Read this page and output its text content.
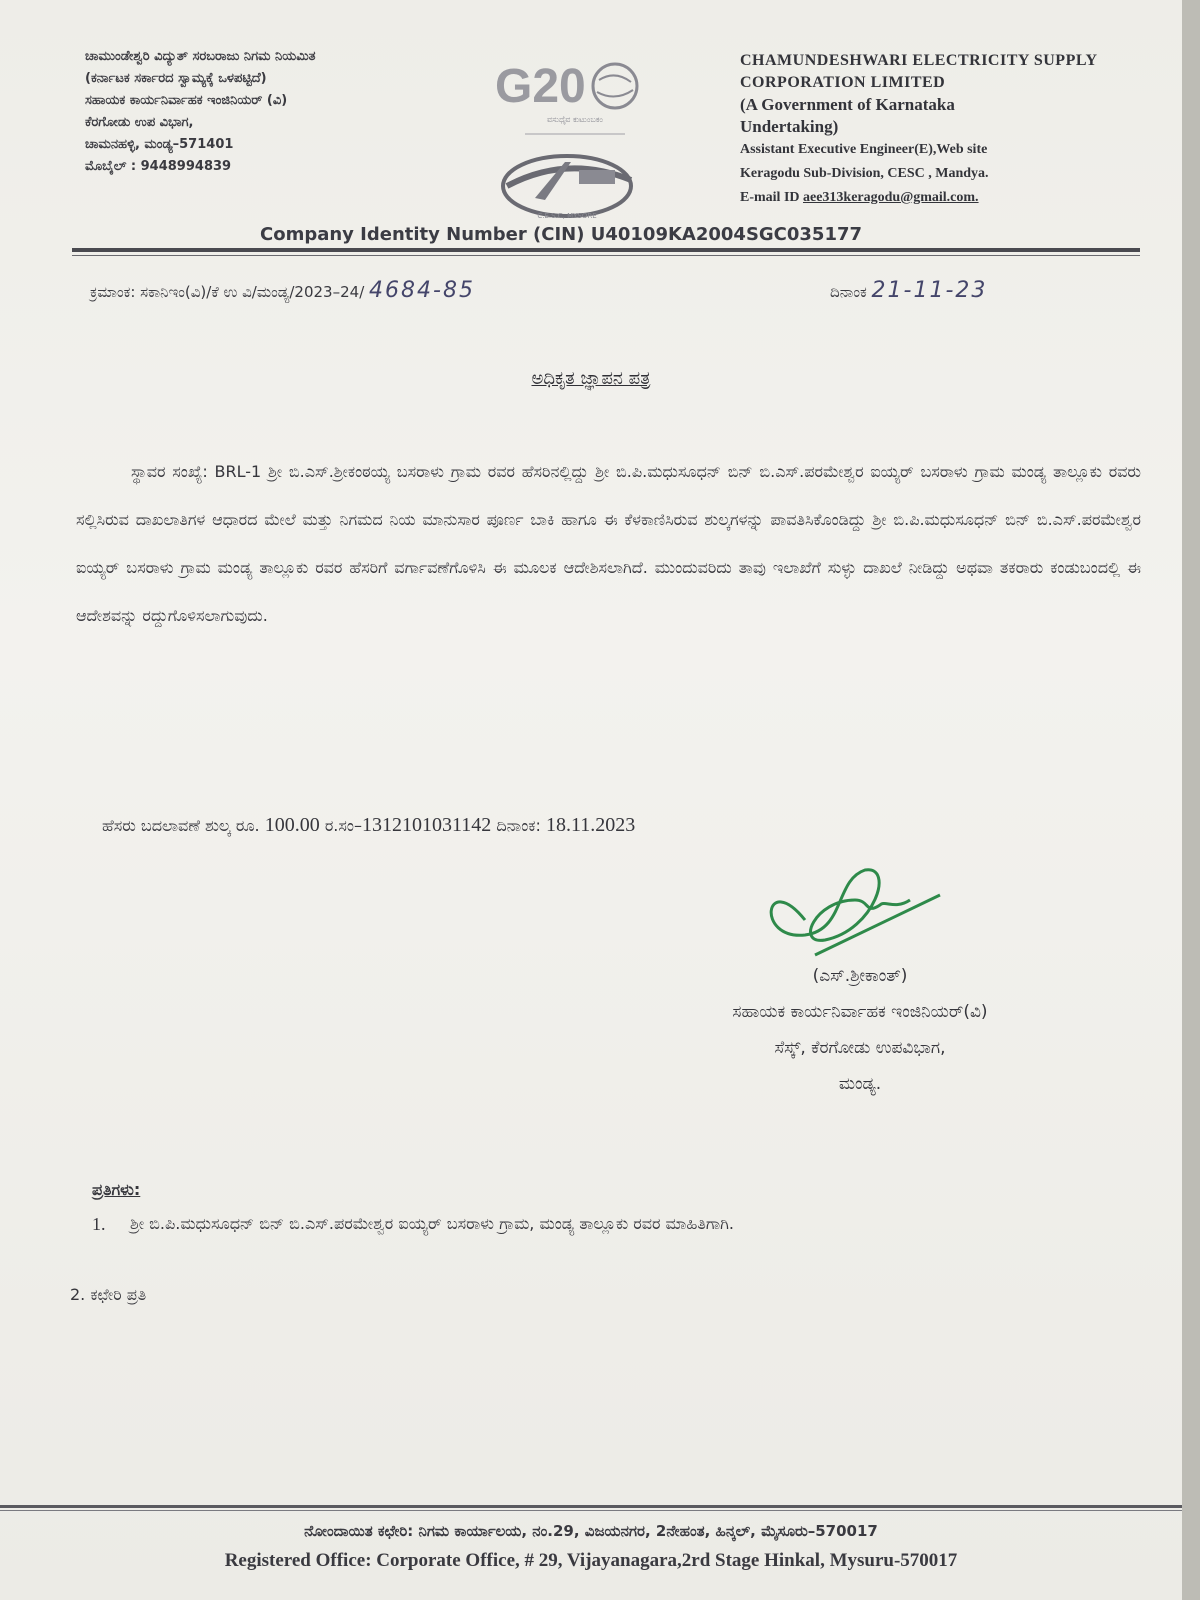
ಚಾಮುಂಡೇಶ್ವರಿ ವಿದ್ಯುತ್ ಸರಬರಾಜು ನಿಗಮ ನಿಯಮಿತ
(ಕರ್ನಾಟಕ ಸರ್ಕಾರದ ಸ್ವಾಮ್ಯಕ್ಕೆ ಒಳಪಟ್ಟಿದೆ)
ಸಹಾಯಕ ಕಾರ್ಯನಿರ್ವಾಹಕ ಇಂಜಿನಿಯರ್ (ವಿ)
ಕೆರಗೋಡು ಉಪ ವಿಭಾಗ,
ಚಾಮನಹಳ್ಳಿ, ಮಂಡ್ಯ–571401
ಮೊಬೈಲ್ : 9448994839
G20
ವಸುಧೈವ ಕುಟುಂಬಕಂ
C.E.S.C, MYSORE
CHAMUNDESHWARI ELECTRICITY SUPPLY
CORPORATION LIMITED
(A Government of Karnataka
Undertaking)
Assistant Executive Engineer(E),Web site
Keragodu Sub-Division, CESC , Mandya.
E-mail ID aee313keragodu@gmail.com.
Company Identity Number (CIN) U40109KA2004SGC035177
ಕ್ರಮಾಂಕ: ಸಕಾನಿಇಂ(ವಿ)/ಕೆ ಉ ವಿ/ಮಂಡ್ಯ/2023–24/ 4684-85	ದಿನಾಂಕ 21-11-23
ಅಧಿಕೃತ ಜ್ಞಾಪನ ಪತ್ರ

ಸ್ಥಾವರ ಸಂಖ್ಯೆ: BRL-1 ಶ್ರೀ ಬಿ.ಎಸ್.ಶ್ರೀಕಂಠಯ್ಯ ಬಸರಾಳು ಗ್ರಾಮ ರವರ ಹೆಸರಿನಲ್ಲಿದ್ದು ಶ್ರೀ ಬಿ.ಪಿ.ಮಧುಸೂಧನ್ ಬಿನ್ ಬಿ.ಎಸ್.ಪರಮೇಶ್ವರ ಐಯ್ಯರ್ ಬಸರಾಳು ಗ್ರಾಮ ಮಂಡ್ಯ ತಾಲ್ಲೂಕು ರವರು ಸಲ್ಲಿಸಿರುವ ದಾಖಲಾತಿಗಳ ಆಧಾರದ ಮೇಲೆ ಮತ್ತು ನಿಗಮದ ನಿಯ ಮಾನುಸಾರ ಪೂರ್ಣ ಬಾಕಿ ಹಾಗೂ ಈ ಕೆಳಕಾಣಿಸಿರುವ ಶುಲ್ಕಗಳನ್ನು ಪಾವತಿಸಿಕೊಂಡಿದ್ದು ಶ್ರೀ ಬಿ.ಪಿ.ಮಧುಸೂಧನ್ ಬಿನ್ ಬಿ.ಎಸ್.ಪರಮೇಶ್ವರ ಐಯ್ಯರ್ ಬಸರಾಳು ಗ್ರಾಮ ಮಂಡ್ಯ ತಾಲ್ಲೂಕು ರವರ ಹೆಸರಿಗೆ ವರ್ಗಾವಣೆಗೊಳಿಸಿ ಈ ಮೂಲಕ ಆದೇಶಿಸಲಾಗಿದೆ. ಮುಂದುವರಿದು ತಾವು ಇಲಾಖೆಗೆ ಸುಳ್ಳು ದಾಖಲೆ ನೀಡಿದ್ದು ಅಥವಾ ತಕರಾರು ಕಂಡುಬಂದಲ್ಲಿ ಈ ಆದೇಶವನ್ನು ರದ್ದುಗೊಳಿಸಲಾಗುವುದು.

ಹೆಸರು ಬದಲಾವಣೆ ಶುಲ್ಕ ರೂ. 100.00 ರ.ಸಂ–1312101031142 ದಿನಾಂಕ: 18.11.2023
(ಎಸ್.ಶ್ರೀಕಾಂತ್)
ಸಹಾಯಕ ಕಾರ್ಯನಿರ್ವಾಹಕ ಇಂಜಿನಿಯರ್(ವಿ)
ಸೆಸ್ಕ್, ಕೆರಗೋಡು ಉಪವಿಭಾಗ,
ಮಂಡ್ಯ.
ಪ್ರತಿಗಳು:
1.	ಶ್ರೀ ಬಿ.ಪಿ.ಮಧುಸೂಧನ್ ಬಿನ್ ಬಿ.ಎಸ್.ಪರಮೇಶ್ವರ ಐಯ್ಯರ್ ಬಸರಾಳು ಗ್ರಾಮ, ಮಂಡ್ಯ ತಾಲ್ಲೂಕು ರವರ ಮಾಹಿತಿಗಾಗಿ.
2. ಕಛೇರಿ ಪ್ರತಿ
ನೋಂದಾಯಿತ ಕಛೇರಿ: ನಿಗಮ ಕಾರ್ಯಾಲಯ, ನಂ.29, ವಿಜಯನಗರ, 2ನೇಹಂತ, ಹಿನ್ಕಲ್, ಮೈಸೂರು–570017
Registered Office: Corporate Office, # 29, Vijayanagara,2rd Stage Hinkal, Mysuru-570017
